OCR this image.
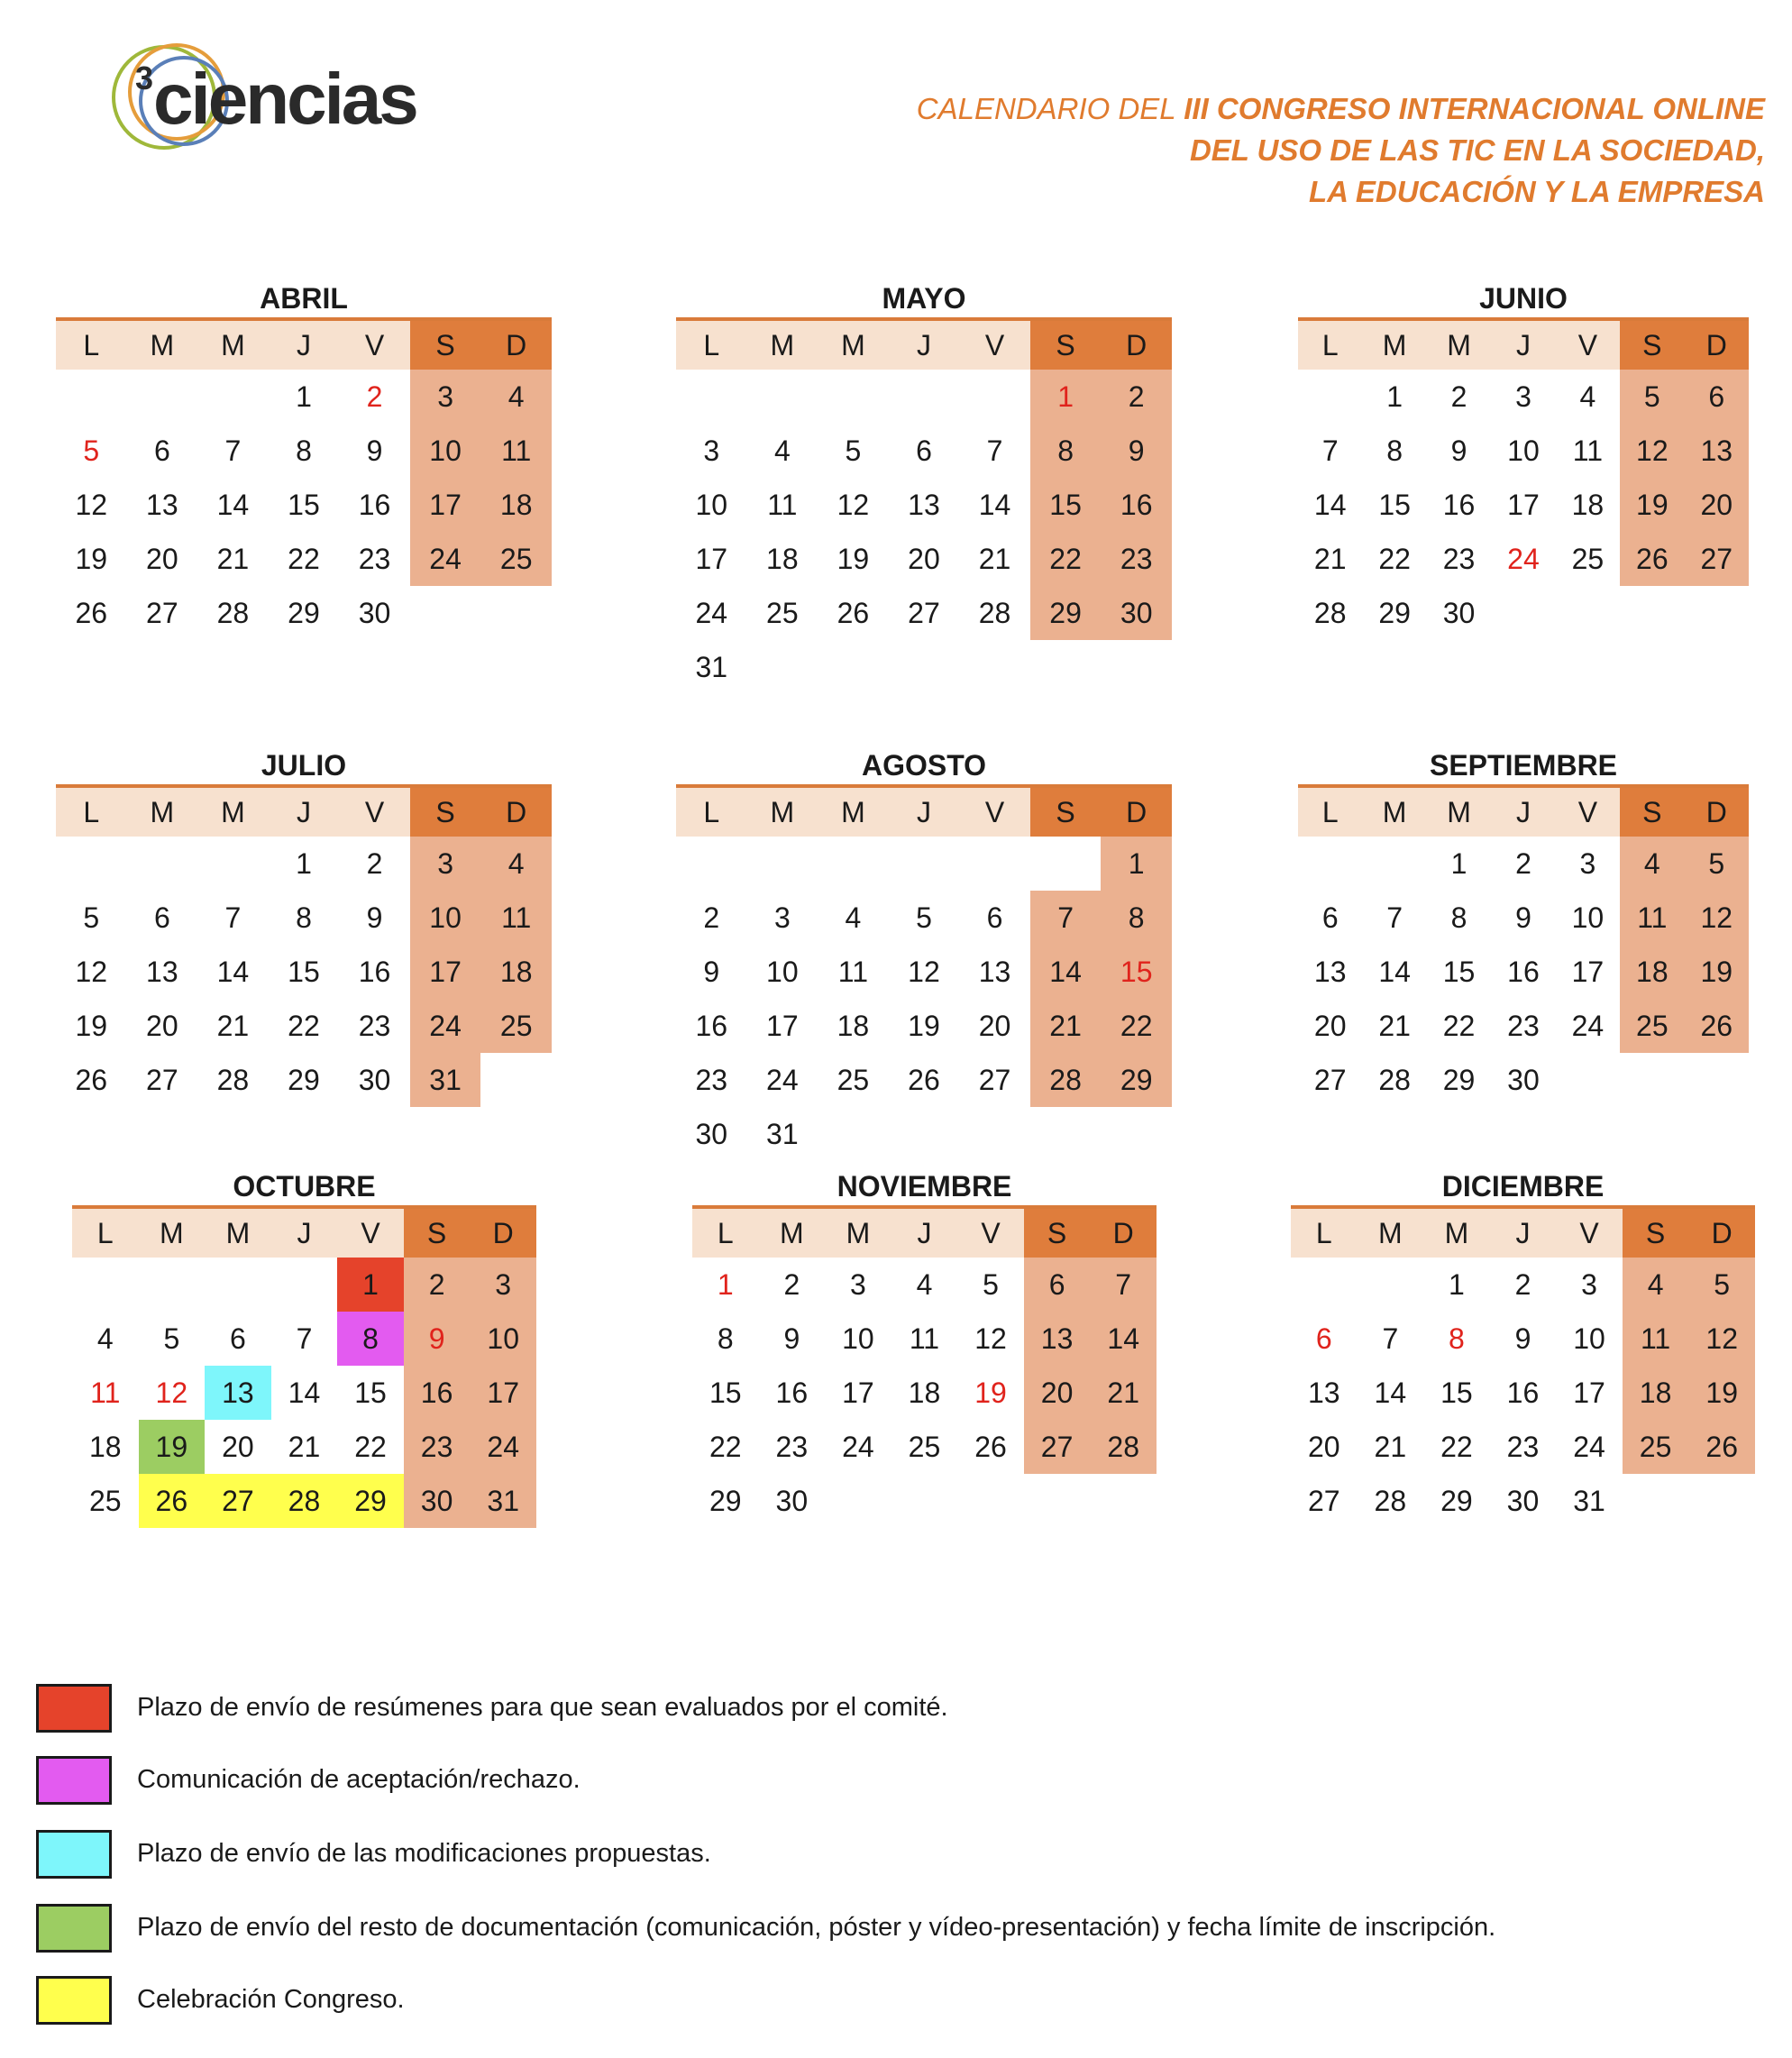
3 ciencias	CALENDARIO DEL III CONGRESO INTERNACIONAL ONLINE
DEL USO DE LAS TIC EN LA SOCIEDAD,
LA EDUCACIÓN Y LA EMPRESA
ABRIL
L	M	M	J	V	S	D
			1	2	3	4
5	6	7	8	9	10	11
12	13	14	15	16	17	18
19	20	21	22	23	24	25
26	27	28	29	30		
MAYO
L	M	M	J	V	S	D
					1	2
3	4	5	6	7	8	9
10	11	12	13	14	15	16
17	18	19	20	21	22	23
24	25	26	27	28	29	30
31						
JUNIO
L	M	M	J	V	S	D
	1	2	3	4	5	6
7	8	9	10	11	12	13
14	15	16	17	18	19	20
21	22	23	24	25	26	27
28	29	30				
JULIO
L	M	M	J	V	S	D
			1	2	3	4
5	6	7	8	9	10	11
12	13	14	15	16	17	18
19	20	21	22	23	24	25
26	27	28	29	30	31	
AGOSTO
L	M	M	J	V	S	D
						1
2	3	4	5	6	7	8
9	10	11	12	13	14	15
16	17	18	19	20	21	22
23	24	25	26	27	28	29
30	31					
SEPTIEMBRE
L	M	M	J	V	S	D
		1	2	3	4	5
6	7	8	9	10	11	12
13	14	15	16	17	18	19
20	21	22	23	24	25	26
27	28	29	30			
OCTUBRE
L	M	M	J	V	S	D
				1	2	3
4	5	6	7	8	9	10
11	12	13	14	15	16	17
18	19	20	21	22	23	24
25	26	27	28	29	30	31
NOVIEMBRE
L	M	M	J	V	S	D
1	2	3	4	5	6	7
8	9	10	11	12	13	14
15	16	17	18	19	20	21
22	23	24	25	26	27	28
29	30					
DICIEMBRE
L	M	M	J	V	S	D
		1	2	3	4	5
6	7	8	9	10	11	12
13	14	15	16	17	18	19
20	21	22	23	24	25	26
27	28	29	30	31		
Plazo de envío de resúmenes para que sean evaluados por el comité.
Comunicación de aceptación/rechazo.
Plazo de envío de las modificaciones propuestas.
Plazo de envío del resto de documentación (comunicación, póster y vídeo-presentación) y fecha límite de inscripción.
Celebración Congreso.
